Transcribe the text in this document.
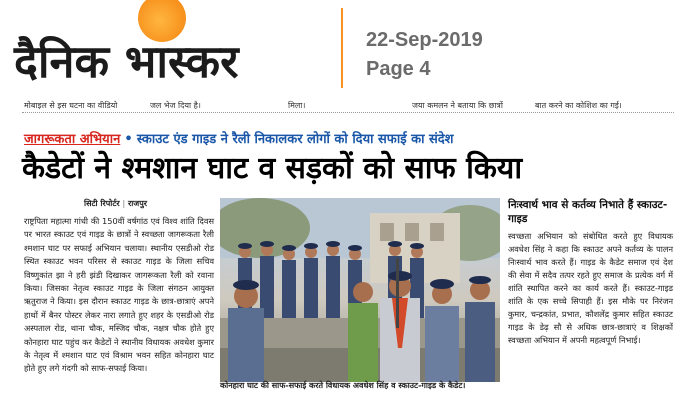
दैनिक भास्कर	22-Sep-2019
Page 4
मोबाइल से इस घटना का वीडियो	जल भेज दिया है।	मिला।	जया कमलन ने बताया कि छात्रों	बात करने का कोशिश का गई।
जागरूकता अभियान • स्काउट एंड गाइड ने रैली निकालकर लोगों को दिया सफाई का संदेश
कैडेटों ने श्मशान घाट व सड़कों को साफ किया
सिटी रिपोर्टर | राजपुर
राष्ट्रपिता महात्मा गांधी की 150वीं वर्षगांठ एवं विश्व शांति दिवस पर भारत स्काउट एवं गाइड के छात्रों ने स्वच्छता जागरूकता रैली श्मशान घाट पर सफाई अभियान चलाया। स्थानीय एसडीओ रोड स्थित स्काउट भवन परिसर से स्काउट गाइड के जिला सचिव विष्णुकांत झा ने हरी झंडी दिखाकर जागरूकता रैली को रवाना किया। जिसका नेतृत्व स्काउट गाइड के जिला संगठन आयुक्त ऋतुराज ने किया। इस दौरान स्काउट गाइड के छात्र-छात्राएं अपने हाथों में बैनर पोस्टर लेकर नारा लगाते हुए शहर के एसडीओ रोड अस्पताल रोड, थाना चौक, मस्जिद चौक, नक्षत्र चौक होते हुए कोनहारा घाट पहुंच कर कैडेटों ने स्थानीय विधायक अवधेश कुमार के नेतृत्व में श्मशान घाट एवं विश्राम भवन सहित कोनहारा घाट होते हुए लगे गंदगी को साफ-सफाई किया।
कोनहारा घाट की साफ-सफाई करते विधायक अवधेश सिंह व स्काउट-गाइड के कैडेट।
निःस्वार्थ भाव से कर्तव्य निभाते हैं स्काउट-गाइड
स्वच्छता अभियान को संबोधित करते हुए विधायक अवधेश सिंह ने कहा कि स्काउट अपने कर्तव्य के पालन निःस्वार्थ भाव करते हैं। गाइड के कैडेट समाज एवं देश की सेवा में सदैव तत्पर रहते हुए समाज के प्रत्येक वर्ग में शांति स्थापित करने का कार्य करते हैं। स्काउट-गाइड शांति के एक सच्चे सिपाही हैं। इस मौके पर निरंजन कुमार, चन्द्रकांत, प्रभात, कौशलेंद्र कुमार सहित स्काउट गाइड के डेढ़ सौ से अधिक छात्र-छात्राएं व शिक्षकों स्वच्छता अभियान में अपनी महत्वपूर्ण निभाई।
